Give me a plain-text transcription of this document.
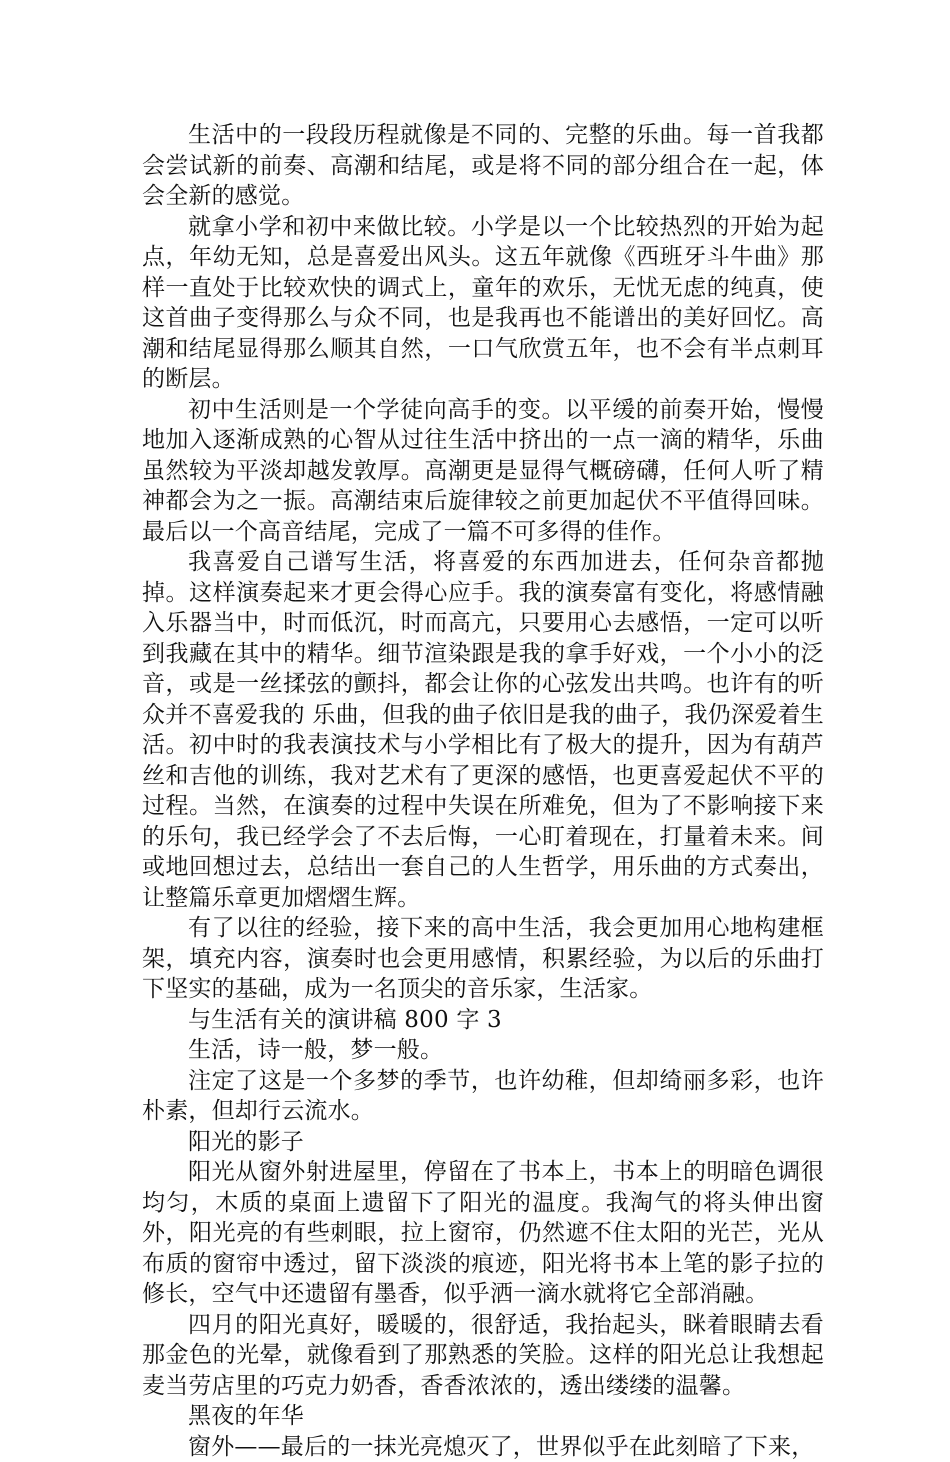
生活中的一段段历程就像是不同的、完整的乐曲。每一首我都会尝试新的前奏、高潮和结尾，或是将不同的部分组合在一起，体会全新的感觉。

就拿小学和初中来做比较。小学是以一个比较热烈的开始为起点，年幼无知，总是喜爱出风头。这五年就像《西班牙斗牛曲》那样一直处于比较欢快的调式上，童年的欢乐，无忧无虑的纯真，使这首曲子变得那么与众不同，也是我再也不能谱出的美好回忆。高潮和结尾显得那么顺其自然，一口气欣赏五年，也不会有半点刺耳的断层。

初中生活则是一个学徒向高手的变。以平缓的前奏开始，慢慢地加入逐渐成熟的心智从过往生活中挤出的一点一滴的精华，乐曲虽然较为平淡却越发敦厚。高潮更是显得气概磅礴，任何人听了精神都会为之一振。高潮结束后旋律较之前更加起伏不平值得回味。最后以一个高音结尾，完成了一篇不可多得的佳作。

我喜爱自己谱写生活，将喜爱的东西加进去，任何杂音都抛掉。这样演奏起来才更会得心应手。我的演奏富有变化，将感情融入乐器当中，时而低沉，时而高亢，只要用心去感悟，一定可以听到我藏在其中的精华。细节渲染跟是我的拿手好戏，一个小小的泛音，或是一丝揉弦的颤抖，都会让你的心弦发出共鸣。也许有的听众并不喜爱我的 乐曲，但我的曲子依旧是我的曲子，我仍深爱着生活。初中时的我表演技术与小学相比有了极大的提升，因为有葫芦丝和吉他的训练，我对艺术有了更深的感悟，也更喜爱起伏不平的过程。当然，在演奏的过程中失误在所难免，但为了不影响接下来的乐句，我已经学会了不去后悔，一心盯着现在，打量着未来。间或地回想过去，总结出一套自己的人生哲学，用乐曲的方式奏出，让整篇乐章更加熠熠生辉。

有了以往的经验，接下来的高中生活，我会更加用心地构建框架，填充内容，演奏时也会更用感情，积累经验，为以后的乐曲打下坚实的基础，成为一名顶尖的音乐家，生活家。

与生活有关的演讲稿 800 字 3

生活，诗一般，梦一般。

注定了这是一个多梦的季节，也许幼稚，但却绮丽多彩，也许朴素，但却行云流水。

阳光的影子

阳光从窗外射进屋里，停留在了书本上，书本上的明暗色调很均匀，木质的桌面上遗留下了阳光的温度。我淘气的将头伸出窗外，阳光亮的有些刺眼，拉上窗帘，仍然遮不住太阳的光芒，光从布质的窗帘中透过，留下淡淡的痕迹，阳光将书本上笔的影子拉的修长，空气中还遗留有墨香，似乎洒一滴水就将它全部消融。

四月的阳光真好，暖暖的，很舒适，我抬起头，眯着眼睛去看那金色的光晕，就像看到了那熟悉的笑脸。这样的阳光总让我想起麦当劳店里的巧克力奶香，香香浓浓的，透出缕缕的温馨。

黑夜的年华

窗外——最后的一抹光亮熄灭了，世界似乎在此刻暗了下来，
